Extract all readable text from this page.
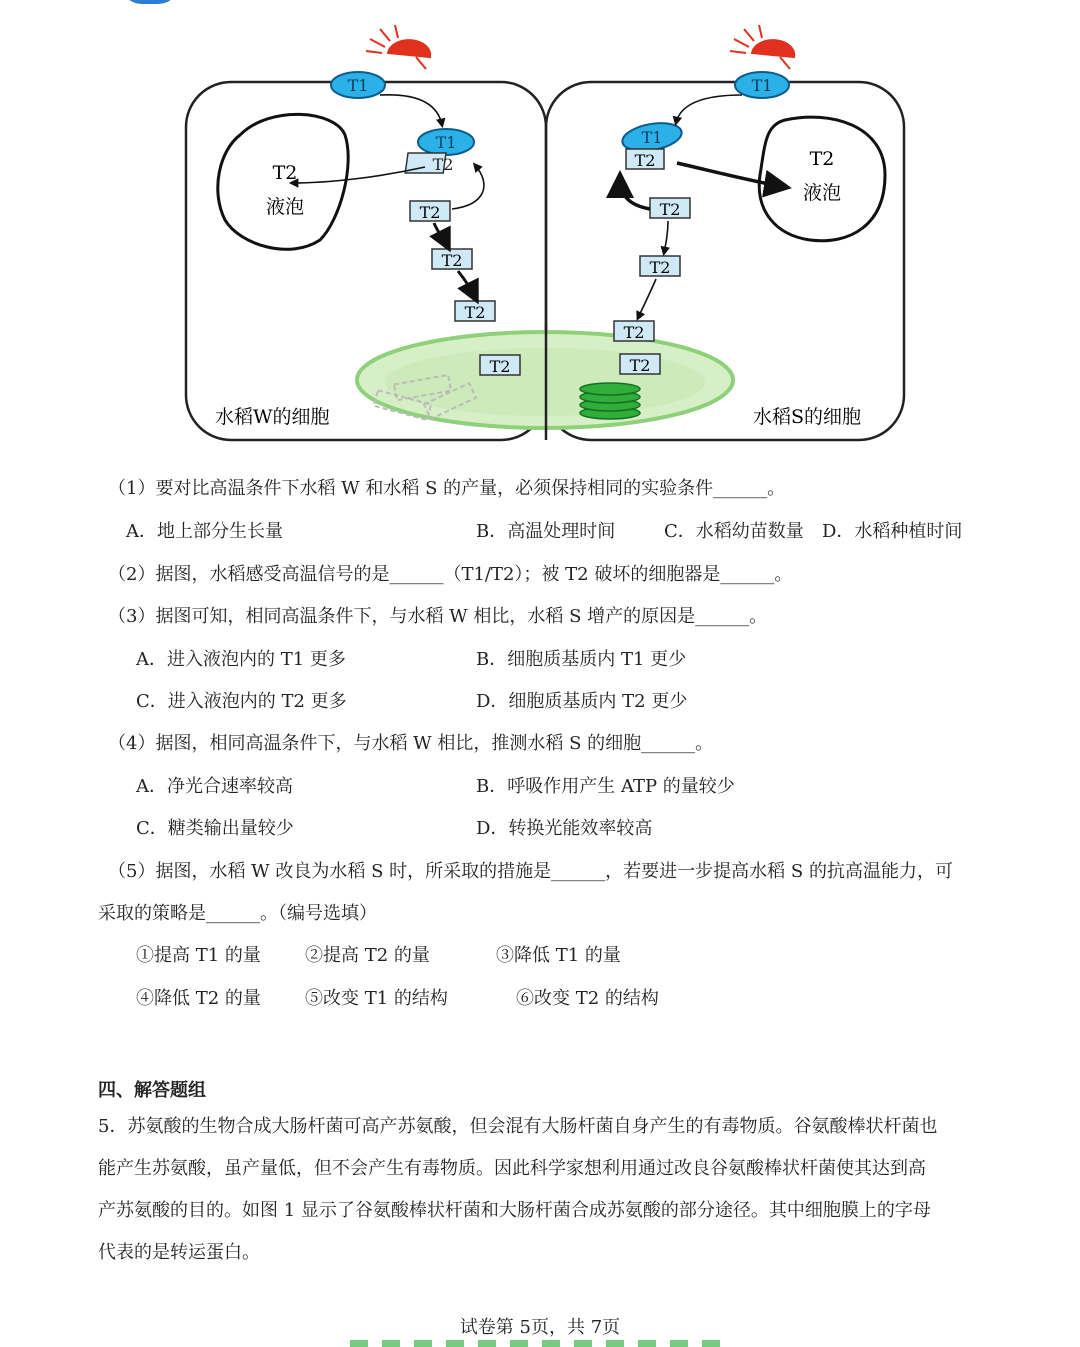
T1	T1
T1
T2
T2
T2
T2
T2
T1
T2
T2
T2
T2
T2
T2
液泡
T2
液泡
水稻W的细胞	水稻S的细胞
（1）要对比高温条件下水稻 W 和水稻 S 的产量，必须保持相同的实验条件______。
A．地上部分生长量	B．高温处理时间	C．水稻幼苗数量 D．水稻种植时间
（2）据图，水稻感受高温信号的是______（T1/T2）；被 T2 破坏的细胞器是______。
（3）据图可知，相同高温条件下，与水稻 W 相比，水稻 S 增产的原因是______。
A．进入液泡内的 T1 更多	B．细胞质基质内 T1 更少
C．进入液泡内的 T2 更多	D．细胞质基质内 T2 更少
（4）据图，相同高温条件下，与水稻 W 相比，推测水稻 S 的细胞______。
A．净光合速率较高	B．呼吸作用产生 ATP 的量较少
C．糖类输出量较少	D．转换光能效率较高
（5）据图，水稻 W 改良为水稻 S 时，所采取的措施是______，若要进一步提高水稻 S 的抗高温能力，可
采取的策略是______。（编号选填）
①提高 T1 的量 ②提高 T2 的量	③降低 T1 的量
④降低 T2 的量 ⑤改变 T1 的结构	⑥改变 T2 的结构
四、解答题组
5．苏氨酸的生物合成大肠杆菌可高产苏氨酸，但会混有大肠杆菌自身产生的有毒物质。谷氨酸棒状杆菌也
能产生苏氨酸，虽产量低，但不会产生有毒物质。因此科学家想利用通过改良谷氨酸棒状杆菌使其达到高
产苏氨酸的目的。如图 1 显示了谷氨酸棒状杆菌和大肠杆菌合成苏氨酸的部分途径。其中细胞膜上的字母
代表的是转运蛋白。
试卷第 5页，共 7页
